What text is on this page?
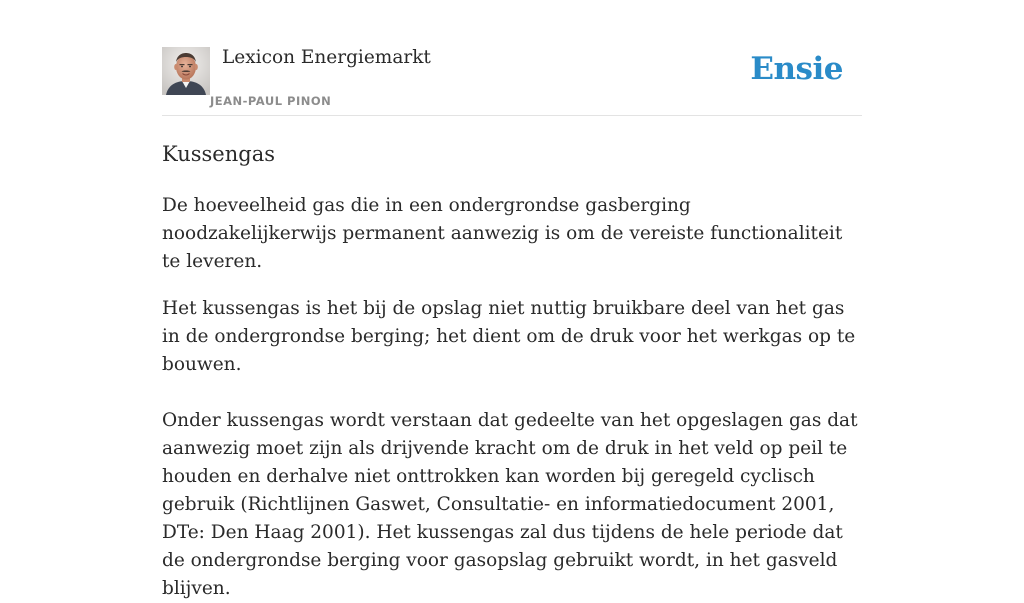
Lexicon Energiemarkt
JEAN-PAUL PINON
Ensie
Kussengas

De hoeveelheid gas die in een ondergrondse gasberging noodzakelijkerwijs permanent aanwezig is om de vereiste functionaliteit te leveren.

Het kussengas is het bij de opslag niet nuttig bruikbare deel van het gas in de ondergrondse berging; het dient om de druk voor het werkgas op te bouwen.

Onder kussengas wordt verstaan dat gedeelte van het opgeslagen gas dat aanwezig moet zijn als drijvende kracht om de druk in het veld op peil te houden en derhalve niet onttrokken kan worden bij geregeld cyclisch gebruik (Richtlijnen Gaswet, Consultatie- en informatiedocument 2001, DTe: Den Haag 2001). Het kussengas zal dus tijdens de hele periode dat de ondergrondse berging voor gasopslag gebruikt wordt, in het gasveld blijven.
